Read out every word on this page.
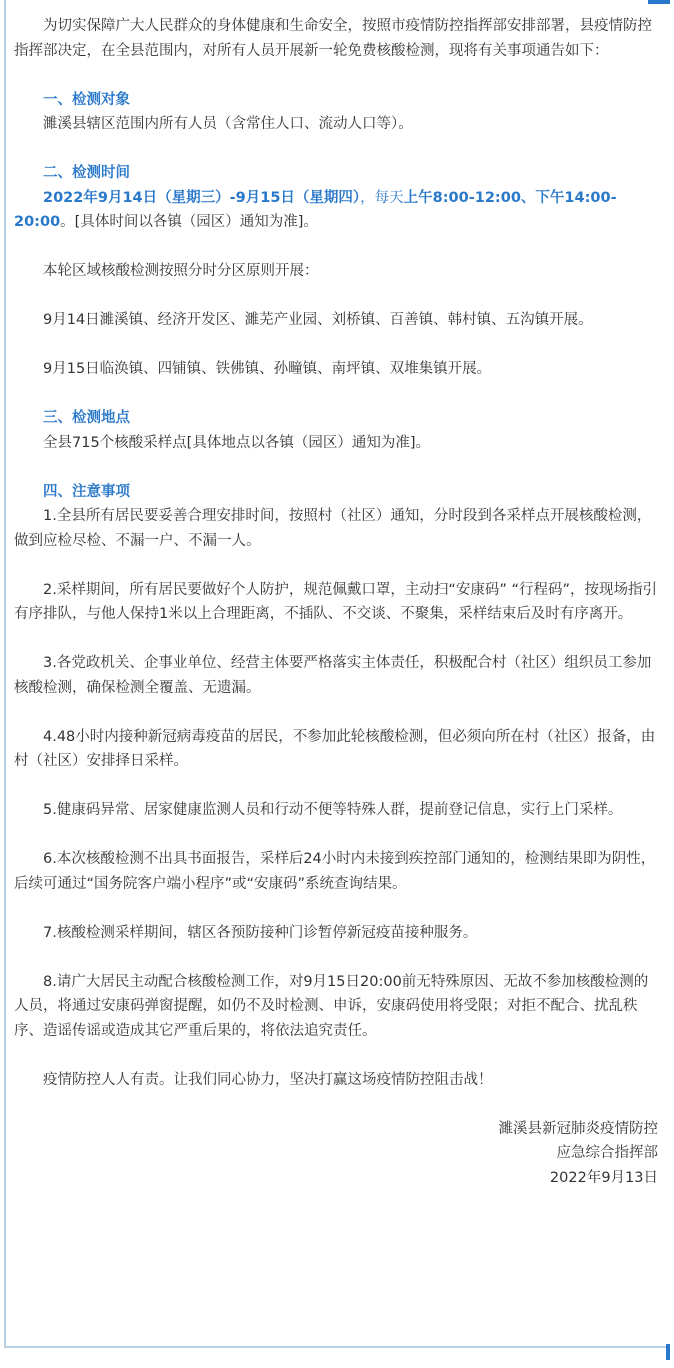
为切实保障广大人民群众的身体健康和生命安全，按照市疫情防控指挥部安排部署，县疫情防控指挥部决定，在全县范围内，对所有人员开展新一轮免费核酸检测，现将有关事项通告如下：

一、检测对象

濉溪县辖区范围内所有人员（含常住人口、流动人口等）。

二、检测时间

2022年9月14日（星期三）-9月15日（星期四），每天上午8:00-12:00、下午14:00-20:00。[具体时间以各镇（园区）通知为准]。

本轮区域核酸检测按照分时分区原则开展：

9月14日濉溪镇、经济开发区、濉芜产业园、刘桥镇、百善镇、韩村镇、五沟镇开展。

9月15日临涣镇、四铺镇、铁佛镇、孙疃镇、南坪镇、双堆集镇开展。

三、检测地点

全县715个核酸采样点[具体地点以各镇（园区）通知为准]。

四、注意事项

1.全县所有居民要妥善合理安排时间，按照村（社区）通知，分时段到各采样点开展核酸检测，做到应检尽检、不漏一户、不漏一人。

2.采样期间，所有居民要做好个人防护，规范佩戴口罩，主动扫“安康码” “行程码”，按现场指引有序排队，与他人保持1米以上合理距离，不插队、不交谈、不聚集，采样结束后及时有序离开。

3.各党政机关、企事业单位、经营主体要严格落实主体责任，积极配合村（社区）组织员工参加核酸检测，确保检测全覆盖、无遗漏。

4.48小时内接种新冠病毒疫苗的居民，不参加此轮核酸检测，但必须向所在村（社区）报备，由村（社区）安排择日采样。

5.健康码异常、居家健康监测人员和行动不便等特殊人群，提前登记信息，实行上门采样。

6.本次核酸检测不出具书面报告，采样后24小时内未接到疾控部门通知的，检测结果即为阴性，后续可通过“国务院客户端小程序”或“安康码”系统查询结果。

7.核酸检测采样期间，辖区各预防接种门诊暂停新冠疫苗接种服务。

8.请广大居民主动配合核酸检测工作，对9月15日20:00前无特殊原因、无故不参加核酸检测的人员，将通过安康码弹窗提醒，如仍不及时检测、申诉，安康码使用将受限；对拒不配合、扰乱秩序、造谣传谣或造成其它严重后果的，将依法追究责任。

疫情防控人人有责。让我们同心协力，坚决打赢这场疫情防控阻击战！

濉溪县新冠肺炎疫情防控

应急综合指挥部

2022年9月13日
